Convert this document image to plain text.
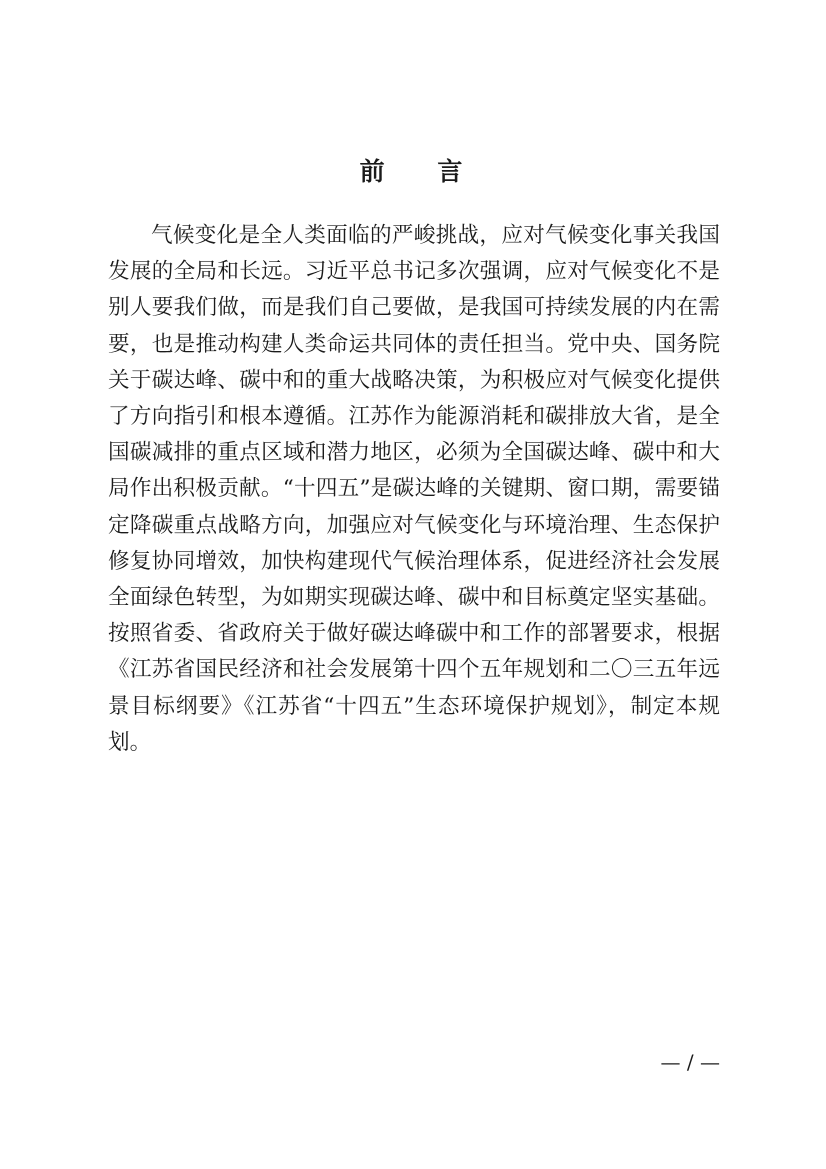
前 言

气候变化是全人类面临的严峻挑战，应对气候变化事关我国发展的全局和长远。习近平总书记多次强调，应对气候变化不是别人要我们做，而是我们自己要做，是我国可持续发展的内在需要，也是推动构建人类命运共同体的责任担当。党中央、国务院关于碳达峰、碳中和的重大战略决策，为积极应对气候变化提供了方向指引和根本遵循。江苏作为能源消耗和碳排放大省，是全国碳减排的重点区域和潜力地区，必须为全国碳达峰、碳中和大局作出积极贡献。“十四五”是碳达峰的关键期、窗口期，需要锚定降碳重点战略方向，加强应对气候变化与环境治理、生态保护修复协同增效，加快构建现代气候治理体系，促进经济社会发展全面绿色转型，为如期实现碳达峰、碳中和目标奠定坚实基础。按照省委、省政府关于做好碳达峰碳中和工作的部署要求，根据《江苏省国民经济和社会发展第十四个五年规划和二〇三五年远景目标纲要》《江苏省“十四五”生态环境保护规划》，制定本规划。

— / —
